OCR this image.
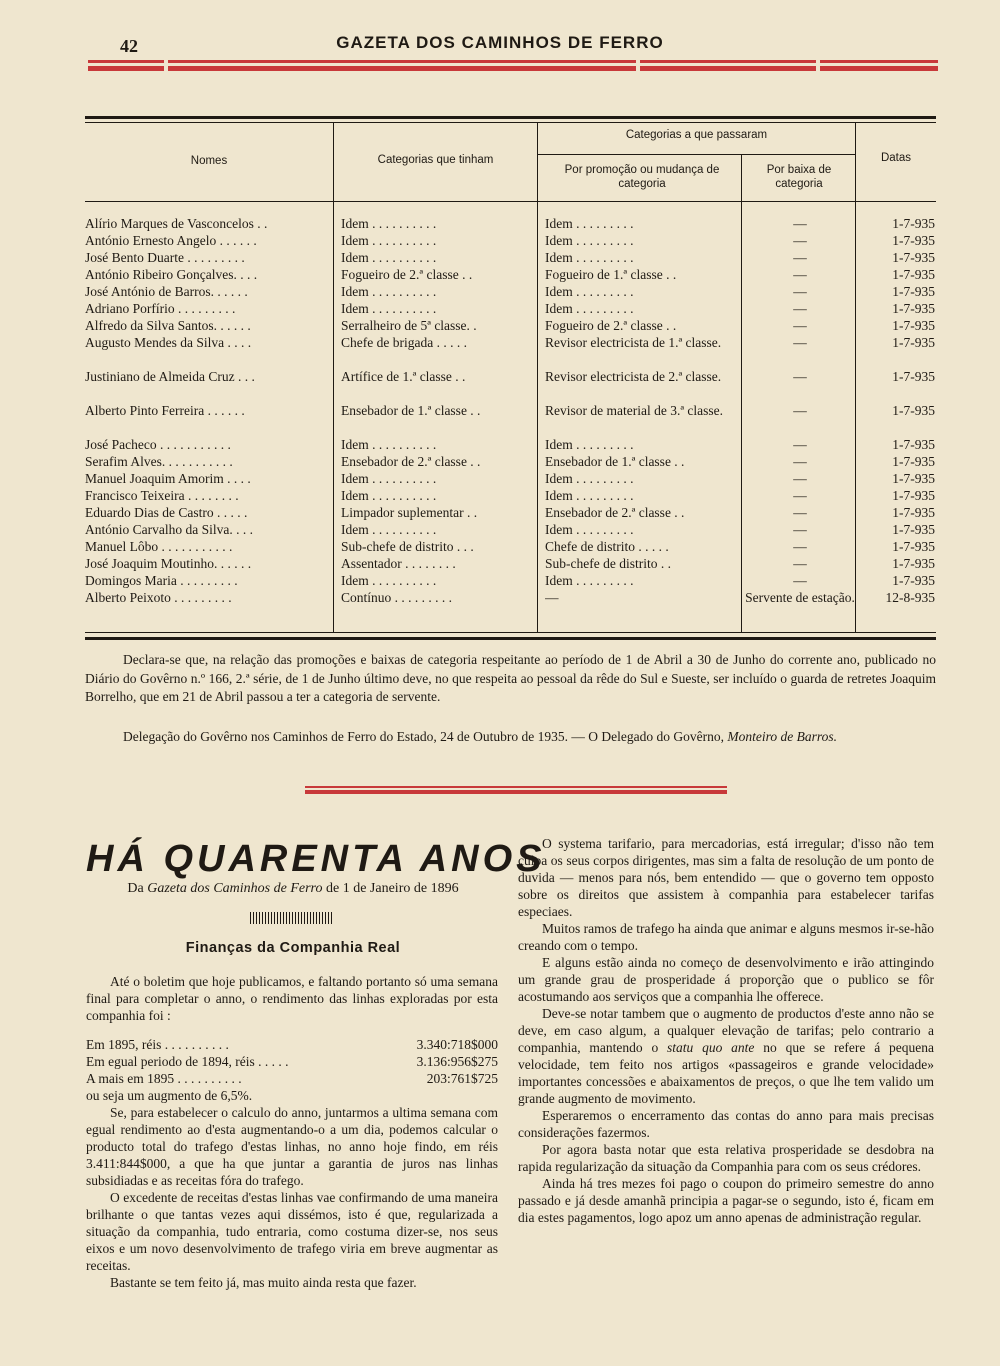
42	GAZETA DOS CAMINHOS DE FERRO
Nomes	Categorias que tinham
Categorias a que passaram
Por promoção ou mudança de categoria
Por baixa de categoria
Datas
Alírio Marques de Vasconcelos . .	Idem . . . . . . . . . .	Idem . . . . . . . . .	—	1-7-935
António Ernesto Angelo . . . . . .	Idem . . . . . . . . . .	Idem . . . . . . . . .	—	1-7-935
José Bento Duarte . . . . . . . . .	Idem . . . . . . . . . .	Idem . . . . . . . . .	—	1-7-935
António Ribeiro Gonçalves. . . .	Fogueiro de 2.ª classe . .	Fogueiro de 1.ª classe . .	—	1-7-935
José António de Barros. . . . . .	Idem . . . . . . . . . .	Idem . . . . . . . . .	—	1-7-935
Adriano Porfírio . . . . . . . . .	Idem . . . . . . . . . .	Idem . . . . . . . . .	—	1-7-935
Alfredo da Silva Santos. . . . . .	Serralheiro de 5ª classe. .	Fogueiro de 2.ª classe . .	—	1-7-935
Augusto Mendes da Silva . . . .	Chefe de brigada . . . . .	Revisor electricista de 1.ª classe.	—	1-7-935
Justiniano de Almeida Cruz . . .	Artífice de 1.ª classe . .	Revisor electricista de 2.ª classe.	—	1-7-935
Alberto Pinto Ferreira . . . . . .	Ensebador de 1.ª classe . .	Revisor de material de 3.ª classe.	—	1-7-935
José Pacheco . . . . . . . . . . .	Idem . . . . . . . . . .	Idem . . . . . . . . .	—	1-7-935
Serafim Alves. . . . . . . . . . .	Ensebador de 2.ª classe . .	Ensebador de 1.ª classe . .	—	1-7-935
Manuel Joaquim Amorim . . . .	Idem . . . . . . . . . .	Idem . . . . . . . . .	—	1-7-935
Francisco Teixeira . . . . . . . .	Idem . . . . . . . . . .	Idem . . . . . . . . .	—	1-7-935
Eduardo Dias de Castro . . . . .	Limpador suplementar . .	Ensebador de 2.ª classe . .	—	1-7-935
António Carvalho da Silva. . . .	Idem . . . . . . . . . .	Idem . . . . . . . . .	—	1-7-935
Manuel Lôbo . . . . . . . . . . .	Sub-chefe de distrito . . .	Chefe de distrito . . . . .	—	1-7-935
José Joaquim Moutinho. . . . . .	Assentador . . . . . . . .	Sub-chefe de distrito . .	—	1-7-935
Domingos Maria . . . . . . . . .	Idem . . . . . . . . . .	Idem . . . . . . . . .	—	1-7-935
Alberto Peixoto . . . . . . . . .	Contínuo . . . . . . . . .	—	Servente de estação.	12-8-935
Declara-se que, na relação das promoções e baixas de categoria respeitante ao período de 1 de Abril a 30 de Junho do corrente ano, publicado no Diário do Govêrno n.º 166, 2.ª série, de 1 de Junho último deve, no que respeita ao pessoal da rêde do Sul e Sueste, ser incluído o guarda de retretes Joaquim Borrelho, que em 21 de Abril passou a ter a categoria de servente.
Delegação do Govêrno nos Caminhos de Ferro do Estado, 24 de Outubro de 1935. — O Delegado do Govêrno, Monteiro de Barros.
HÁ QUARENTA ANOS
Da Gazeta dos Caminhos de Ferro de 1 de Janeiro de 1896
Finanças da Companhia Real

Até o boletim que hoje publicamos, e faltando portanto só uma semana final para completar o anno, o rendimento das linhas exploradas por esta companhia foi :

Em 1895, réis . . . . . . . . . .	3.340:718$000
Em egual periodo de 1894, réis . . . . .	3.136:956$275
A mais em 1895 . . . . . . . . . .	203:761$725

ou seja um augmento de 6,5%.

Se, para estabelecer o calculo do anno, juntarmos a ultima semana com egual rendimento ao d'esta augmentando-o a um dia, podemos calcular o producto total do trafego d'estas linhas, no anno hoje findo, em réis 3.411:844$000, a que ha que juntar a garantia de juros nas linhas subsidiadas e as receitas fóra do trafego.

O excedente de receitas d'estas linhas vae confirmando de uma maneira brilhante o que tantas vezes aqui dissémos, isto é que, regularizada a situação da companhia, tudo entraria, como costuma dizer-se, nos seus eixos e um novo desenvolvimento de trafego viria em breve augmentar as receitas.

Bastante se tem feito já, mas muito ainda resta que fazer.

O systema tarifario, para mercadorias, está irregular; d'isso não tem culpa os seus corpos dirigentes, mas sim a falta de resolução de um ponto de duvida — menos para nós, bem entendido — que o governo tem opposto sobre os direitos que assistem à companhia para estabelecer tarifas especiaes.

Muitos ramos de trafego ha ainda que animar e alguns mesmos ir-se-hão creando com o tempo.

E alguns estão ainda no começo de desenvolvimento e irão attingindo um grande grau de prosperidade á proporção que o publico se fôr acostumando aos serviços que a companhia lhe offerece.

Deve-se notar tambem que o augmento de productos d'este anno não se deve, em caso algum, a qualquer elevação de tarifas; pelo contrario a companhia, mantendo o statu quo ante no que se refere á pequena velocidade, tem feito nos artigos «passageiros e grande velocidade» importantes concessões e abaixamentos de preços, o que lhe tem valido um grande augmento de movimento.

Esperaremos o encerramento das contas do anno para mais precisas considerações fazermos.

Por agora basta notar que esta relativa prosperidade se desdobra na rapida regularização da situação da Companhia para com os seus crédores.

Ainda há tres mezes foi pago o coupon do primeiro semestre do anno passado e já desde amanhã principia a pagar-se o segundo, isto é, ficam em dia estes pagamentos, logo apoz um anno apenas de administração regular.
